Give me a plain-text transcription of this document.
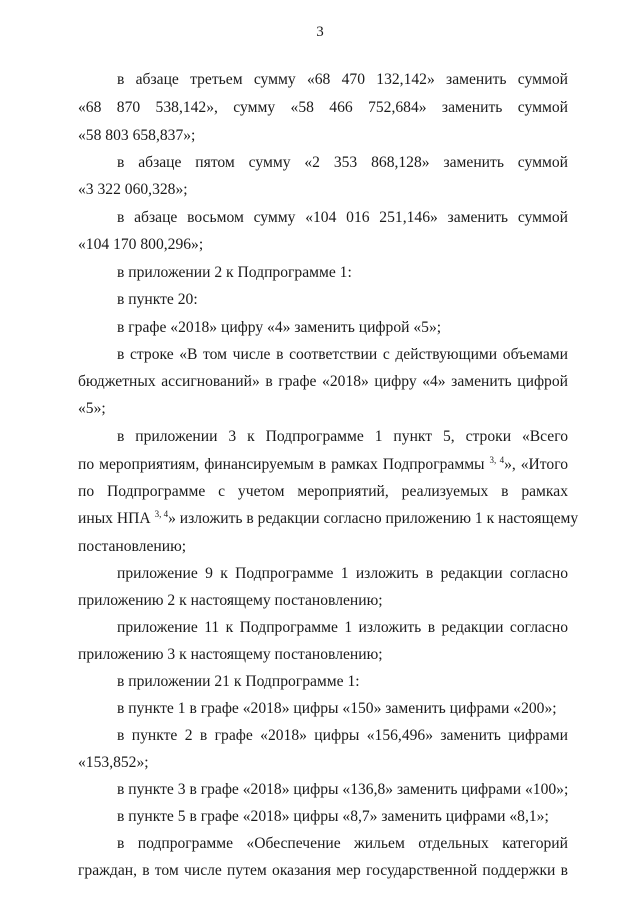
3
в абзаце третьем сумму «68 470 132,142» заменить суммой
«68 870 538,142», сумму «58 466 752,684» заменить суммой
«58 803 658,837»;
в абзаце пятом сумму «2 353 868,128» заменить суммой
«3 322 060,328»;
в абзаце восьмом сумму «104 016 251,146» заменить суммой
«104 170 800,296»;
в приложении 2 к Подпрограмме 1:
в пункте 20:
в графе «2018» цифру «4» заменить цифрой «5»;
в строке «В том числе в соответствии с действующими объемами
бюджетных ассигнований» в графе «2018» цифру «4» заменить цифрой
«5»;
в приложении 3 к Подпрограмме 1 пункт 5, строки «Всего
по мероприятиям, финансируемым в рамках Подпрограммы $^{3, 4}$», «Итого
по Подпрограмме с учетом мероприятий, реализуемых в рамках
иных НПА $^{3, 4}$» изложить в редакции согласно приложению 1 к настоящему
постановлению;
приложение 9 к Подпрограмме 1 изложить в редакции согласно
приложению 2 к настоящему постановлению;
приложение 11 к Подпрограмме 1 изложить в редакции согласно
приложению 3 к настоящему постановлению;
в приложении 21 к Подпрограмме 1:
в пункте 1 в графе «2018» цифры «150» заменить цифрами «200»;
в пункте 2 в графе «2018» цифры «156,496» заменить цифрами
«153,852»;
в пункте 3 в графе «2018» цифры «136,8» заменить цифрами «100»;
в пункте 5 в графе «2018» цифры «8,7» заменить цифрами «8,1»;
в подпрограмме «Обеспечение жильем отдельных категорий
граждан, в том числе путем оказания мер государственной поддержки в
